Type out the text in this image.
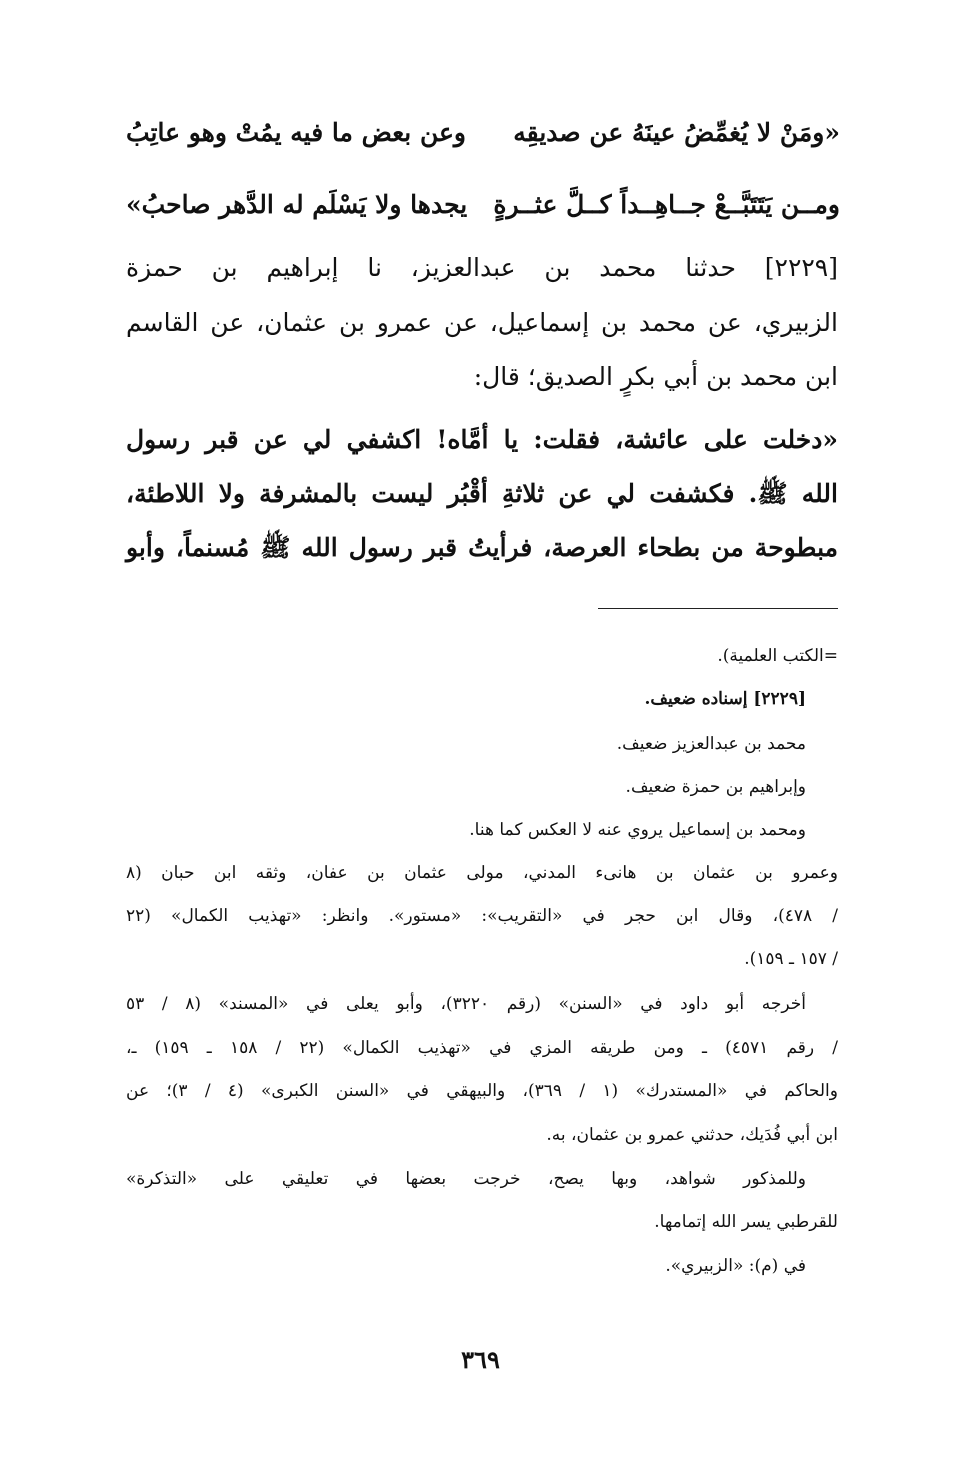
«ومَنْ لا يُغمِّضُ عينَهُ عن صديقِه
وعن بعض ما فيه يمُتْ وهو عاتِبُ
ومــن يَتَتَبَّــعْ جــاهِــداً كــلَّ عثــرةٍ
يجدها ولا يَسْلَم له الدَّهر صاحبُ»
[٢٢٢٩] حدثنا محمد بن عبدالعزيز، نا إبراهيم بن حمزة
الزبيري، عن محمد بن إسماعيل، عن عمرو بن عثمان، عن القاسم
ابن محمد بن أبي بكرٍ الصديق؛ قال:
«دخلت على عائشة، فقلت: يا أمَّاه! اكشفي لي عن قبر رسول
الله ﷺ. فكشفت لي عن ثلاثةِ أقْبُر ليست بالمشرفة ولا اللاطئة،
مبطوحة من بطحاء العرصة، فرأيتُ قبر رسول الله ﷺ مُسنماً، وأبو
=الكتب العلمية).
[٢٢٢٩] إسناده ضعيف.
محمد بن عبدالعزيز ضعيف.
وإبراهيم بن حمزة ضعيف.
ومحمد بن إسماعيل يروي عنه لا العكس كما هنا.
وعمرو بن عثمان بن هانىء المدني، مولى عثمان بن عفان، وثقه ابن حبان (٨
/ ٤٧٨)، وقال ابن حجر في «التقريب»: «مستور». وانظر: «تهذيب الكمال» (٢٢
/ ١٥٧ ـ ١٥٩).
أخرجه أبو داود في «السنن» (رقم ٣٢٢٠)، وأبو يعلى في «المسند» (٨ / ٥٣
/ رقم ٤٥٧١) ـ ومن طريقه المزي في «تهذيب الكمال» (٢٢ / ١٥٨ ـ ١٥٩) ـ،
والحاكم في «المستدرك» (١ / ٣٦٩)، والبيهقي في «السنن الكبرى» (٤ / ٣)؛ عن
ابن أبي فُدَيك، حدثني عمرو بن عثمان، به.
وللمذكور شواهد، وبها يصح، خرجت بعضها في تعليقي على «التذكرة»
للقرطبي يسر الله إتمامها.
في (م): «الزبيري».
٣٦٩
